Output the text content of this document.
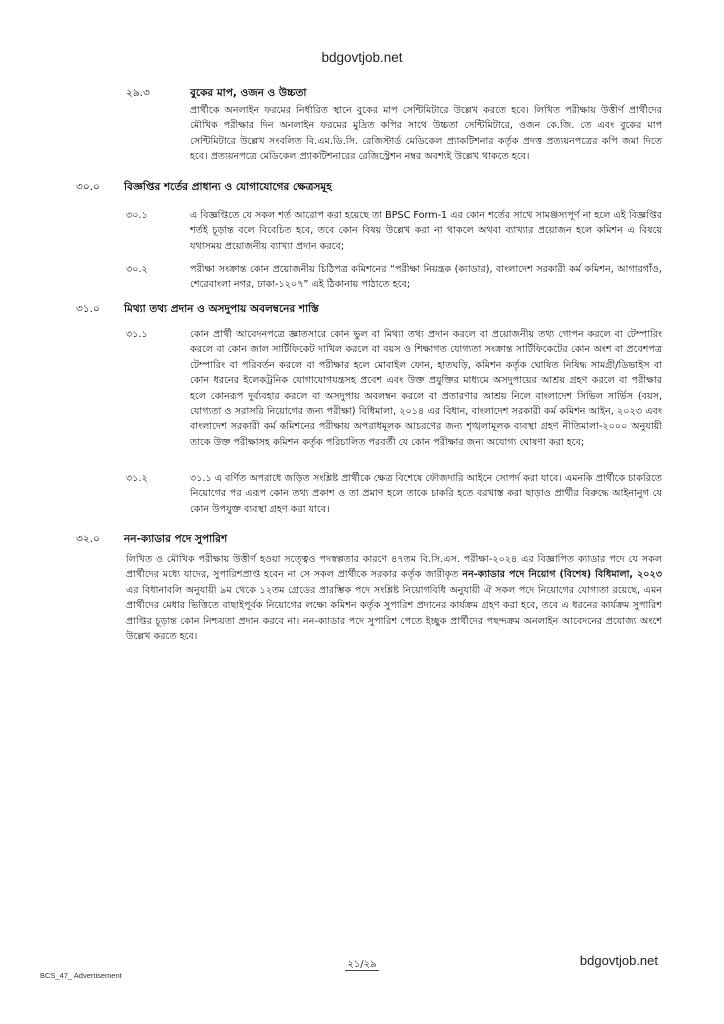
bdgovtjob.net
২৯.৩	বুকের মাপ, ওজন ও উচ্চতা
প্রার্থীকে অনলাইন ফরমের নির্ধারিত স্থানে বুকের মাপ সেন্টিমিটারে উল্লেখ করতে হবে। লিখিত পরীক্ষায় উত্তীর্ণ প্রার্থীদের মৌখিক পরীক্ষার দিন অনলাইন ফরমের মুদ্রিত কপির সাথে উচ্চতা সেন্টিমিটারে, ওজন কে.জি. তে এবং বুকের মাপ সেন্টিমিটারে উল্লেখ সংবলিত বি.এম.ডি.সি. রেজিস্টার্ড মেডিকেল প্র্যাকটিশনার কর্তৃক প্রদত্ত প্রত্যয়নপত্রের কপি জমা দিতে হবে। প্রত্যয়নপত্রে মেডিকেল প্র্যাকটিশনারের রেজিস্ট্রেশন নম্বর অবশ্যই উল্লেখ থাকতে হবে।
৩০.০ বিজ্ঞপ্তির শর্তের প্রাধান্য ও যোগাযোগের ক্ষেত্রসমূহ
৩০.১	এ বিজ্ঞপ্তিতে যে সকল শর্ত আরোপ করা হয়েছে তা BPSC Form-1 এর কোন শর্তের সাথে সামঞ্জস্যপূর্ণ না হলে এই বিজ্ঞপ্তির শর্তই চূড়ান্ত বলে বিবেচিত হবে, তবে কোন বিষয় উল্লেখ করা না থাকলে অথবা ব্যাখ্যার প্রয়োজন হলে কমিশন এ বিষয়ে যথাসময় প্রয়োজনীয় ব্যাখ্যা প্রদান করবে;
৩০.২	পরীক্ষা সংক্রান্ত কোন প্রয়োজনীয় চিঠিপত্র কমিশনের “পরীক্ষা নিয়ন্ত্রক (ক্যাডার), বাংলাদেশ সরকারী কর্ম কমিশন, আগারগাঁও, শেরেবাংলা নগর, ঢাকা-১২০৭” এই ঠিকানায় পাঠাতে হবে;
৩১.০ মিথ্যা তথ্য প্রদান ও অসদুপায় অবলম্বনের শাস্তি
৩১.১	কোন প্রার্থী আবেদনপত্রে জ্ঞাতসারে কোন ভুল বা মিথ্যা তথ্য প্রদান করলে বা প্রয়োজনীয় তথ্য গোপন করলে বা টেম্পারিং করলে বা কোন জাল সার্টিফিকেট দাখিল করলে বা বয়স ও শিক্ষাগত যোগ্যতা সংক্রান্ত সার্টিফিকেটের কোন অংশ বা প্রবেশপত্র টেম্পারিং বা পরিবর্তন করলে বা পরীক্ষার হলে মোবাইল ফোন, হাতঘড়ি, কমিশন কর্তৃক ঘোষিত নিষিদ্ধ সামগ্রী/ডিভাইস বা কোন ধরনের ইলেকট্রনিক যোগাযোগযন্ত্রসহ প্রবেশ এবং উক্ত প্রযুক্তির মাধ্যমে অসদুপায়ের আশ্রয় গ্রহণ করলে বা পরীক্ষার হলে কোনরূপ দুর্ব্যবহার করলে বা অসদুপায় অবলম্বন করলে বা প্রতারণার আশ্রয় নিলে বাংলাদেশ সিভিল সার্ভিস (বয়স, যোগ্যতা ও সরাসরি নিয়োগের জন্য পরীক্ষা) বিধিমালা, ২০১৪ এর বিধান, বাংলাদেশ সরকারী কর্ম কমিশন আইন, ২০২৩ এবং বাংলাদেশ সরকারী কর্ম কমিশনের পরীক্ষায় অপরাধমূলক আচরণের জন্য শৃঙ্খলামূলক ব্যবস্থা গ্রহণ নীতিমালা-২০০০ অনুযায়ী তাকে উক্ত পরীক্ষাসহ কমিশন কর্তৃক পরিচালিত পরবর্তী যে কোন পরীক্ষার জন্য অযোগ্য ঘোষণা করা হবে;
৩১.২	৩১.১ এ বর্ণিত অপরাধে জড়িত সংশ্লিষ্ট প্রার্থীকে ক্ষেত্র বিশেষে ফৌজদারি আইনে সোপর্দ করা যাবে। এমনকি প্রার্থীকে চাকরিতে নিয়োগের পর এরূপ কোন তথ্য প্রকাশ ও তা প্রমাণ হলে তাকে চাকরি হতে বরখাস্ত করা ছাড়াও প্রার্থীর বিরুদ্ধে আইনানুগ যে কোন উপযুক্ত ব্যবস্থা গ্রহণ করা যাবে।
৩২.০ নন-ক্যাডার পদে সুপারিশ
লিখিত ও মৌখিক পরীক্ষায় উত্তীর্ণ হওয়া সত্ত্বেও পদস্বল্পতার কারণে ৪৭তম বি.সি.এস. পরীক্ষা-২০২৪ এর বিজ্ঞাপিত ক্যাডার পদে যে সকল প্রার্থীদের মধ্যে যাদের, সুপারিশপ্রাপ্ত হবেন না সে সকল প্রার্থীকে সরকার কর্তৃক জারীকৃত নন-ক্যাডার পদে নিয়োগ (বিশেষ) বিধিমালা, ২০২৩ এর বিধানাবলি অনুযায়ী ৯ম থেকে ১২তম গ্রেডের প্রারম্ভিক পদে সংশ্লিষ্ট নিয়োগবিধি অনুযায়ী ঐ সকল পদে নিয়োগের যোগ্যতা রয়েছে, এমন প্রার্থীদের মেধার ভিত্তিতে বাছাইপূর্বক নিয়োগের লক্ষ্যে কমিশন কর্তৃক সুপারিশ প্রদানের কার্যক্রম গ্রহণ করা হবে, তবে এ ধরনের কার্যক্রম সুপারিশ প্রাপ্তির চূড়ান্ত কোন নিশ্চয়তা প্রদান করবে না। নন-ক্যাডার পদে সুপারিশ পেতে ইচ্ছুক প্রার্থীদের পছন্দক্রম অনলাইন আবেদনের প্রযোজ্য অংশে উল্লেখ করতে হবে।
২১/২৯	bdgovtjob.net
BCS_47_ Advertisement
